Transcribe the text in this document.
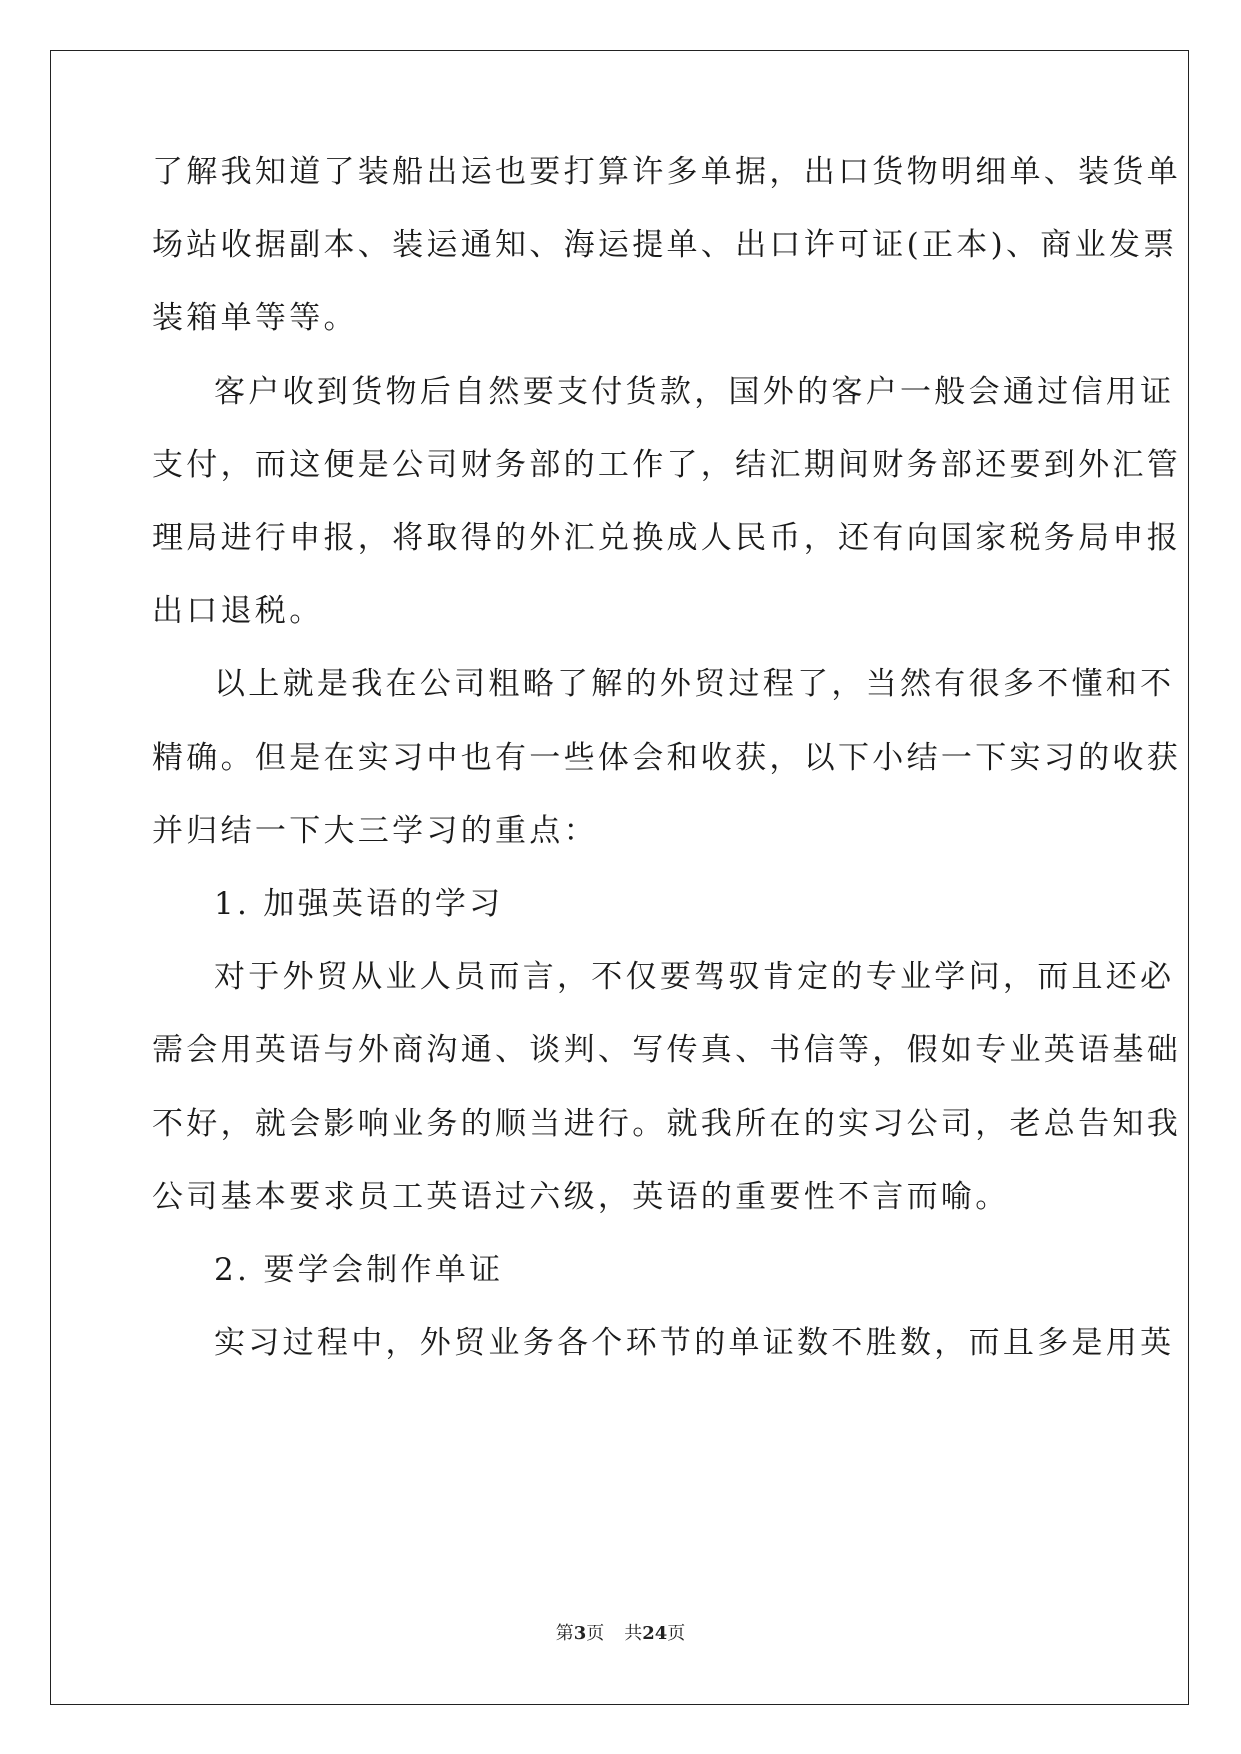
了解我知道了装船出运也要打算许多单据，出口货物明细单、装货单
场站收据副本、装运通知、海运提单、出口许可证(正本)、商业发票
装箱单等等。
客户收到货物后自然要支付货款，国外的客户一般会通过信用证
支付，而这便是公司财务部的工作了，结汇期间财务部还要到外汇管
理局进行申报，将取得的外汇兑换成人民币，还有向国家税务局申报
出口退税。
以上就是我在公司粗略了解的外贸过程了，当然有很多不懂和不
精确。但是在实习中也有一些体会和收获，以下小结一下实习的收获
并归结一下大三学习的重点：
1. 加强英语的学习
对于外贸从业人员而言，不仅要驾驭肯定的专业学问，而且还必
需会用英语与外商沟通、谈判、写传真、书信等，假如专业英语基础
不好，就会影响业务的顺当进行。就我所在的实习公司，老总告知我
公司基本要求员工英语过六级，英语的重要性不言而喻。
2. 要学会制作单证
实习过程中，外贸业务各个环节的单证数不胜数，而且多是用英
第3页 共24页
